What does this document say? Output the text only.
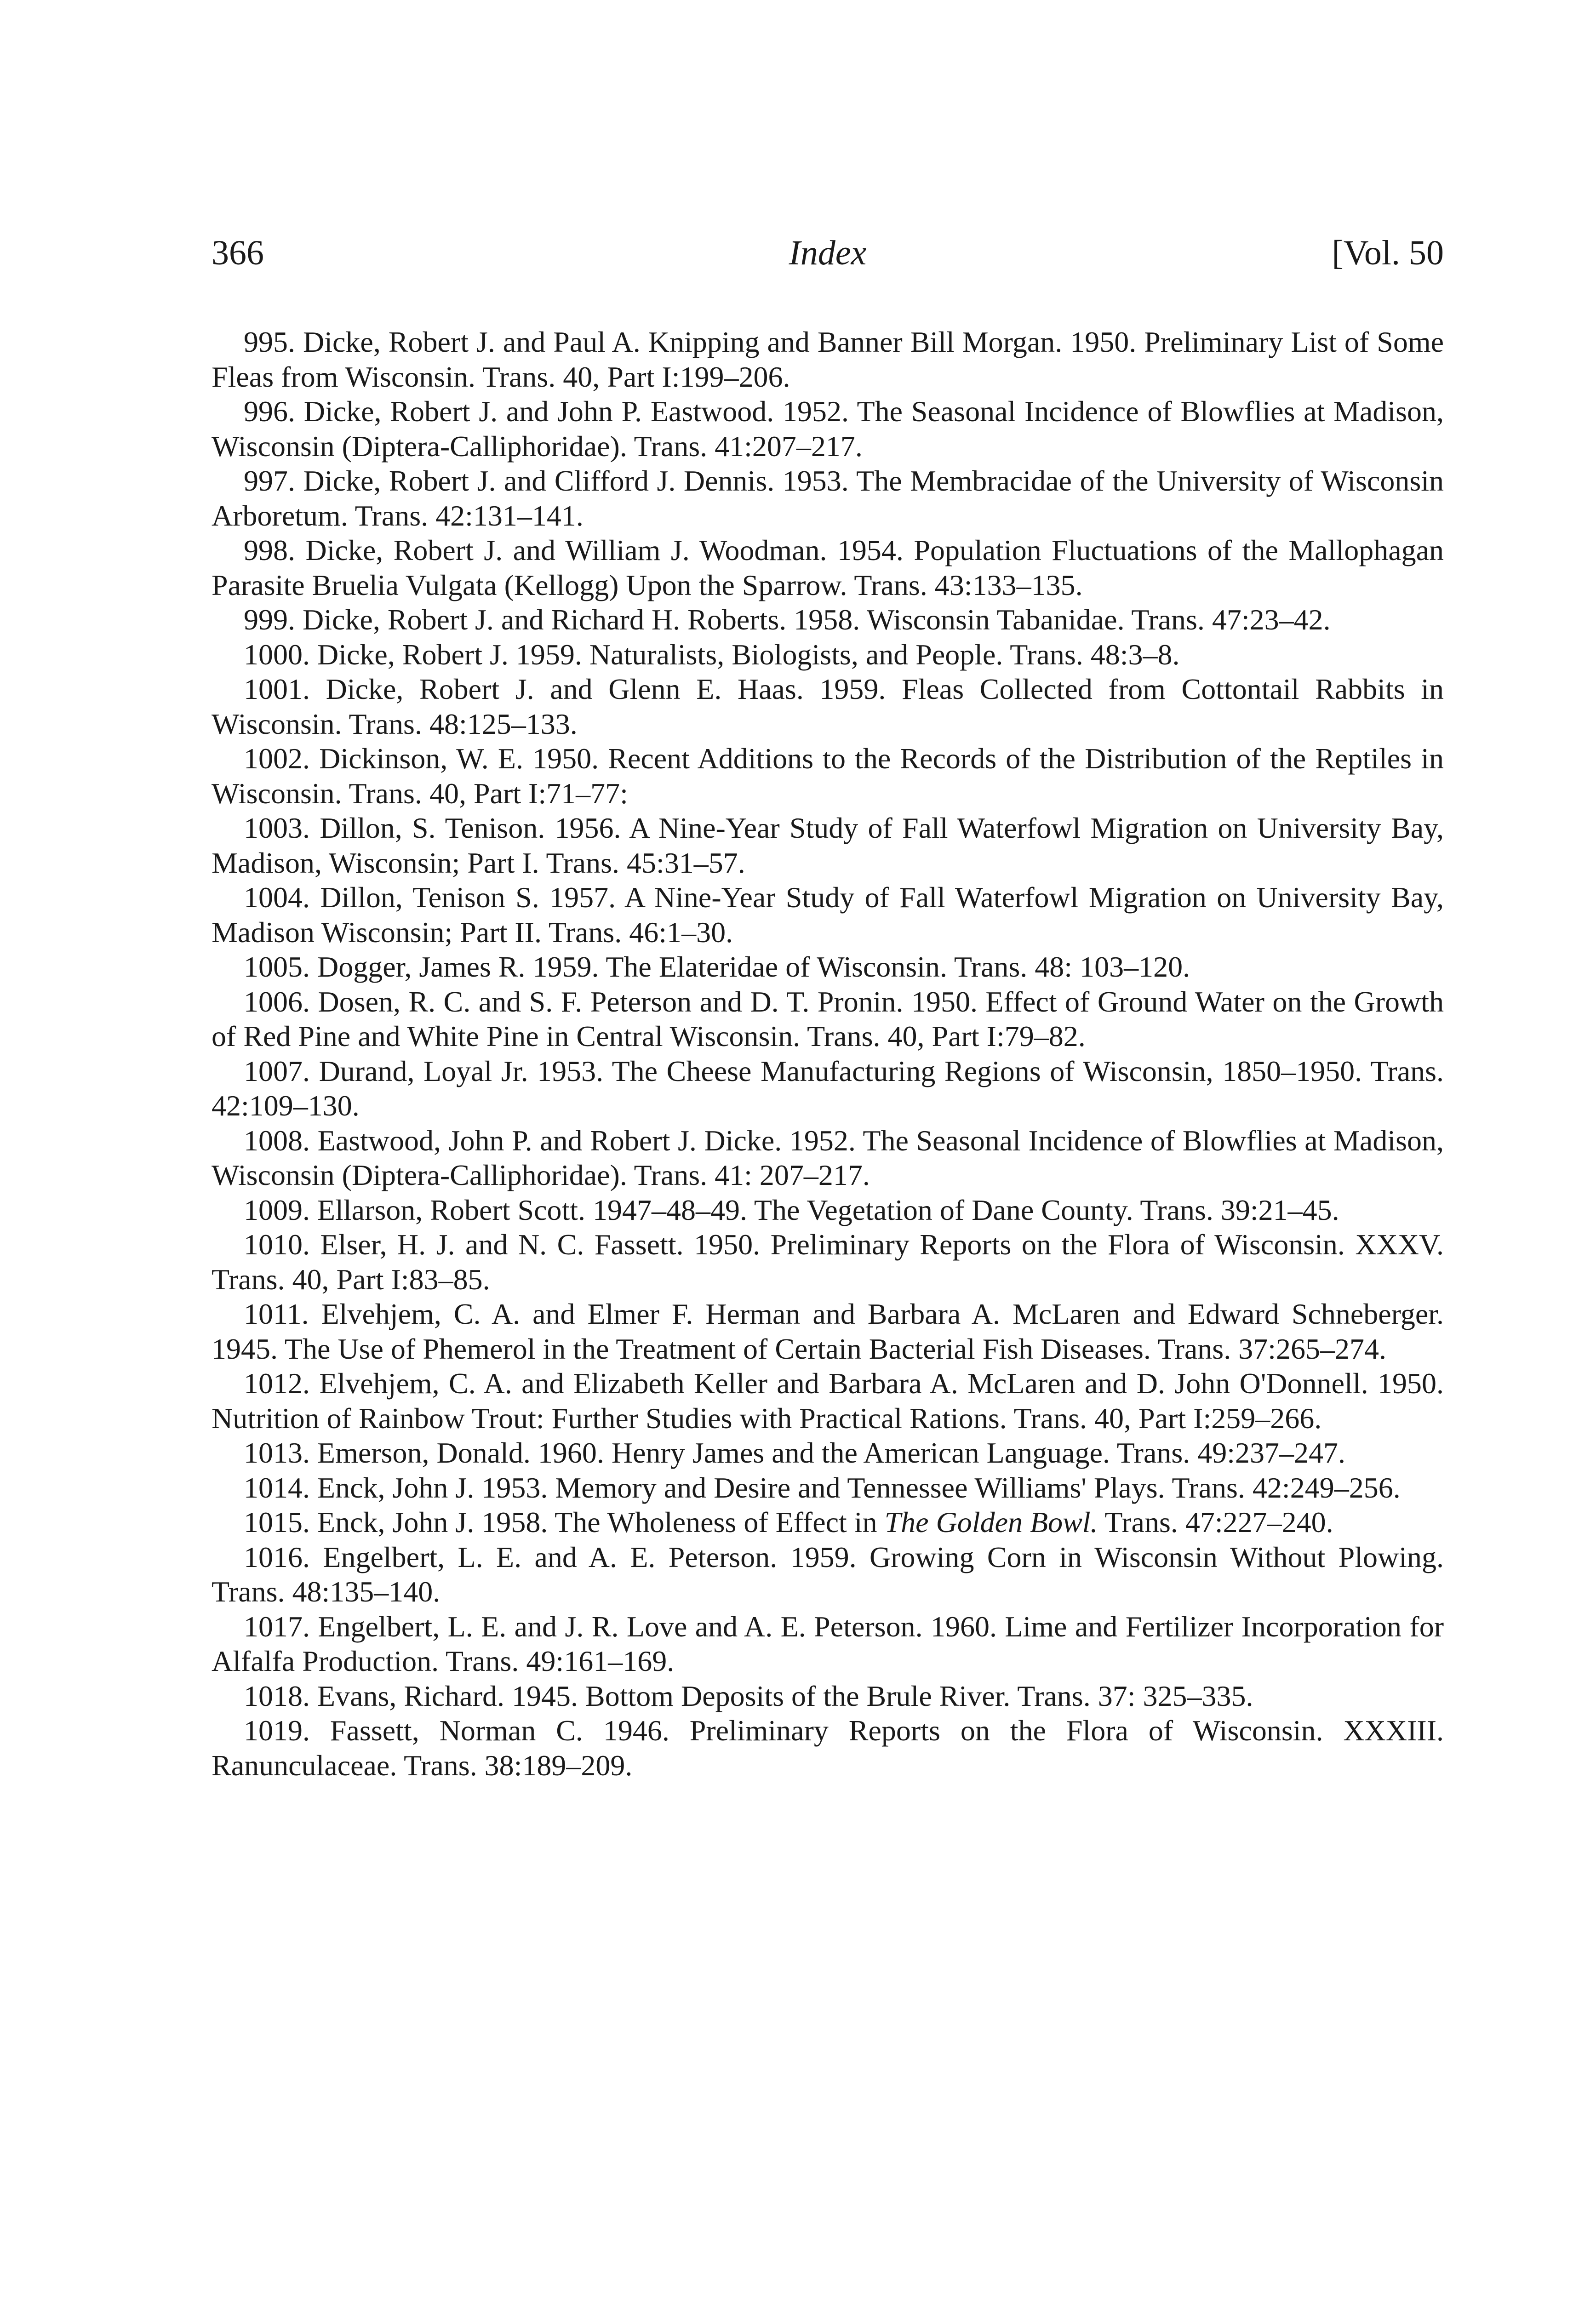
366	Index	[Vol. 50

995. Dicke, Robert J. and Paul A. Knipping and Banner Bill Morgan. 1950. Preliminary List of Some Fleas from Wisconsin. Trans. 40, Part I:199–206.

996. Dicke, Robert J. and John P. Eastwood. 1952. The Seasonal Incidence of Blowflies at Madison, Wisconsin (Diptera-Calliphoridae). Trans. 41:207–217.

997. Dicke, Robert J. and Clifford J. Dennis. 1953. The Membracidae of the University of Wisconsin Arboretum. Trans. 42:131–141.

998. Dicke, Robert J. and William J. Woodman. 1954. Population Fluctuations of the Mallophagan Parasite Bruelia Vulgata (Kellogg) Upon the Sparrow. Trans. 43:133–135.

999. Dicke, Robert J. and Richard H. Roberts. 1958. Wisconsin Tabanidae. Trans. 47:23–42.

1000. Dicke, Robert J. 1959. Naturalists, Biologists, and People. Trans. 48:3–8.

1001. Dicke, Robert J. and Glenn E. Haas. 1959. Fleas Collected from Cottontail Rabbits in Wisconsin. Trans. 48:125–133.

1002. Dickinson, W. E. 1950. Recent Additions to the Records of the Distribution of the Reptiles in Wisconsin. Trans. 40, Part I:71–77:

1003. Dillon, S. Tenison. 1956. A Nine-Year Study of Fall Waterfowl Migration on University Bay, Madison, Wisconsin; Part I. Trans. 45:31–57.

1004. Dillon, Tenison S. 1957. A Nine-Year Study of Fall Waterfowl Migration on University Bay, Madison Wisconsin; Part II. Trans. 46:1–30.

1005. Dogger, James R. 1959. The Elateridae of Wisconsin. Trans. 48: 103–120.

1006. Dosen, R. C. and S. F. Peterson and D. T. Pronin. 1950. Effect of Ground Water on the Growth of Red Pine and White Pine in Central Wisconsin. Trans. 40, Part I:79–82.

1007. Durand, Loyal Jr. 1953. The Cheese Manufacturing Regions of Wisconsin, 1850–1950. Trans. 42:109–130.

1008. Eastwood, John P. and Robert J. Dicke. 1952. The Seasonal Incidence of Blowflies at Madison, Wisconsin (Diptera-Calliphoridae). Trans. 41: 207–217.

1009. Ellarson, Robert Scott. 1947–48–49. The Vegetation of Dane County. Trans. 39:21–45.

1010. Elser, H. J. and N. C. Fassett. 1950. Preliminary Reports on the Flora of Wisconsin. XXXV. Trans. 40, Part I:83–85.

1011. Elvehjem, C. A. and Elmer F. Herman and Barbara A. McLaren and Edward Schneberger. 1945. The Use of Phemerol in the Treatment of Certain Bacterial Fish Diseases. Trans. 37:265–274.

1012. Elvehjem, C. A. and Elizabeth Keller and Barbara A. McLaren and D. John O'Donnell. 1950. Nutrition of Rainbow Trout: Further Studies with Practical Rations. Trans. 40, Part I:259–266.

1013. Emerson, Donald. 1960. Henry James and the American Language. Trans. 49:237–247.

1014. Enck, John J. 1953. Memory and Desire and Tennessee Williams' Plays. Trans. 42:249–256.

1015. Enck, John J. 1958. The Wholeness of Effect in The Golden Bowl. Trans. 47:227–240.

1016. Engelbert, L. E. and A. E. Peterson. 1959. Growing Corn in Wisconsin Without Plowing. Trans. 48:135–140.

1017. Engelbert, L. E. and J. R. Love and A. E. Peterson. 1960. Lime and Fertilizer Incorporation for Alfalfa Production. Trans. 49:161–169.

1018. Evans, Richard. 1945. Bottom Deposits of the Brule River. Trans. 37: 325–335.

1019. Fassett, Norman C. 1946. Preliminary Reports on the Flora of Wisconsin. XXXIII. Ranunculaceae. Trans. 38:189–209.
